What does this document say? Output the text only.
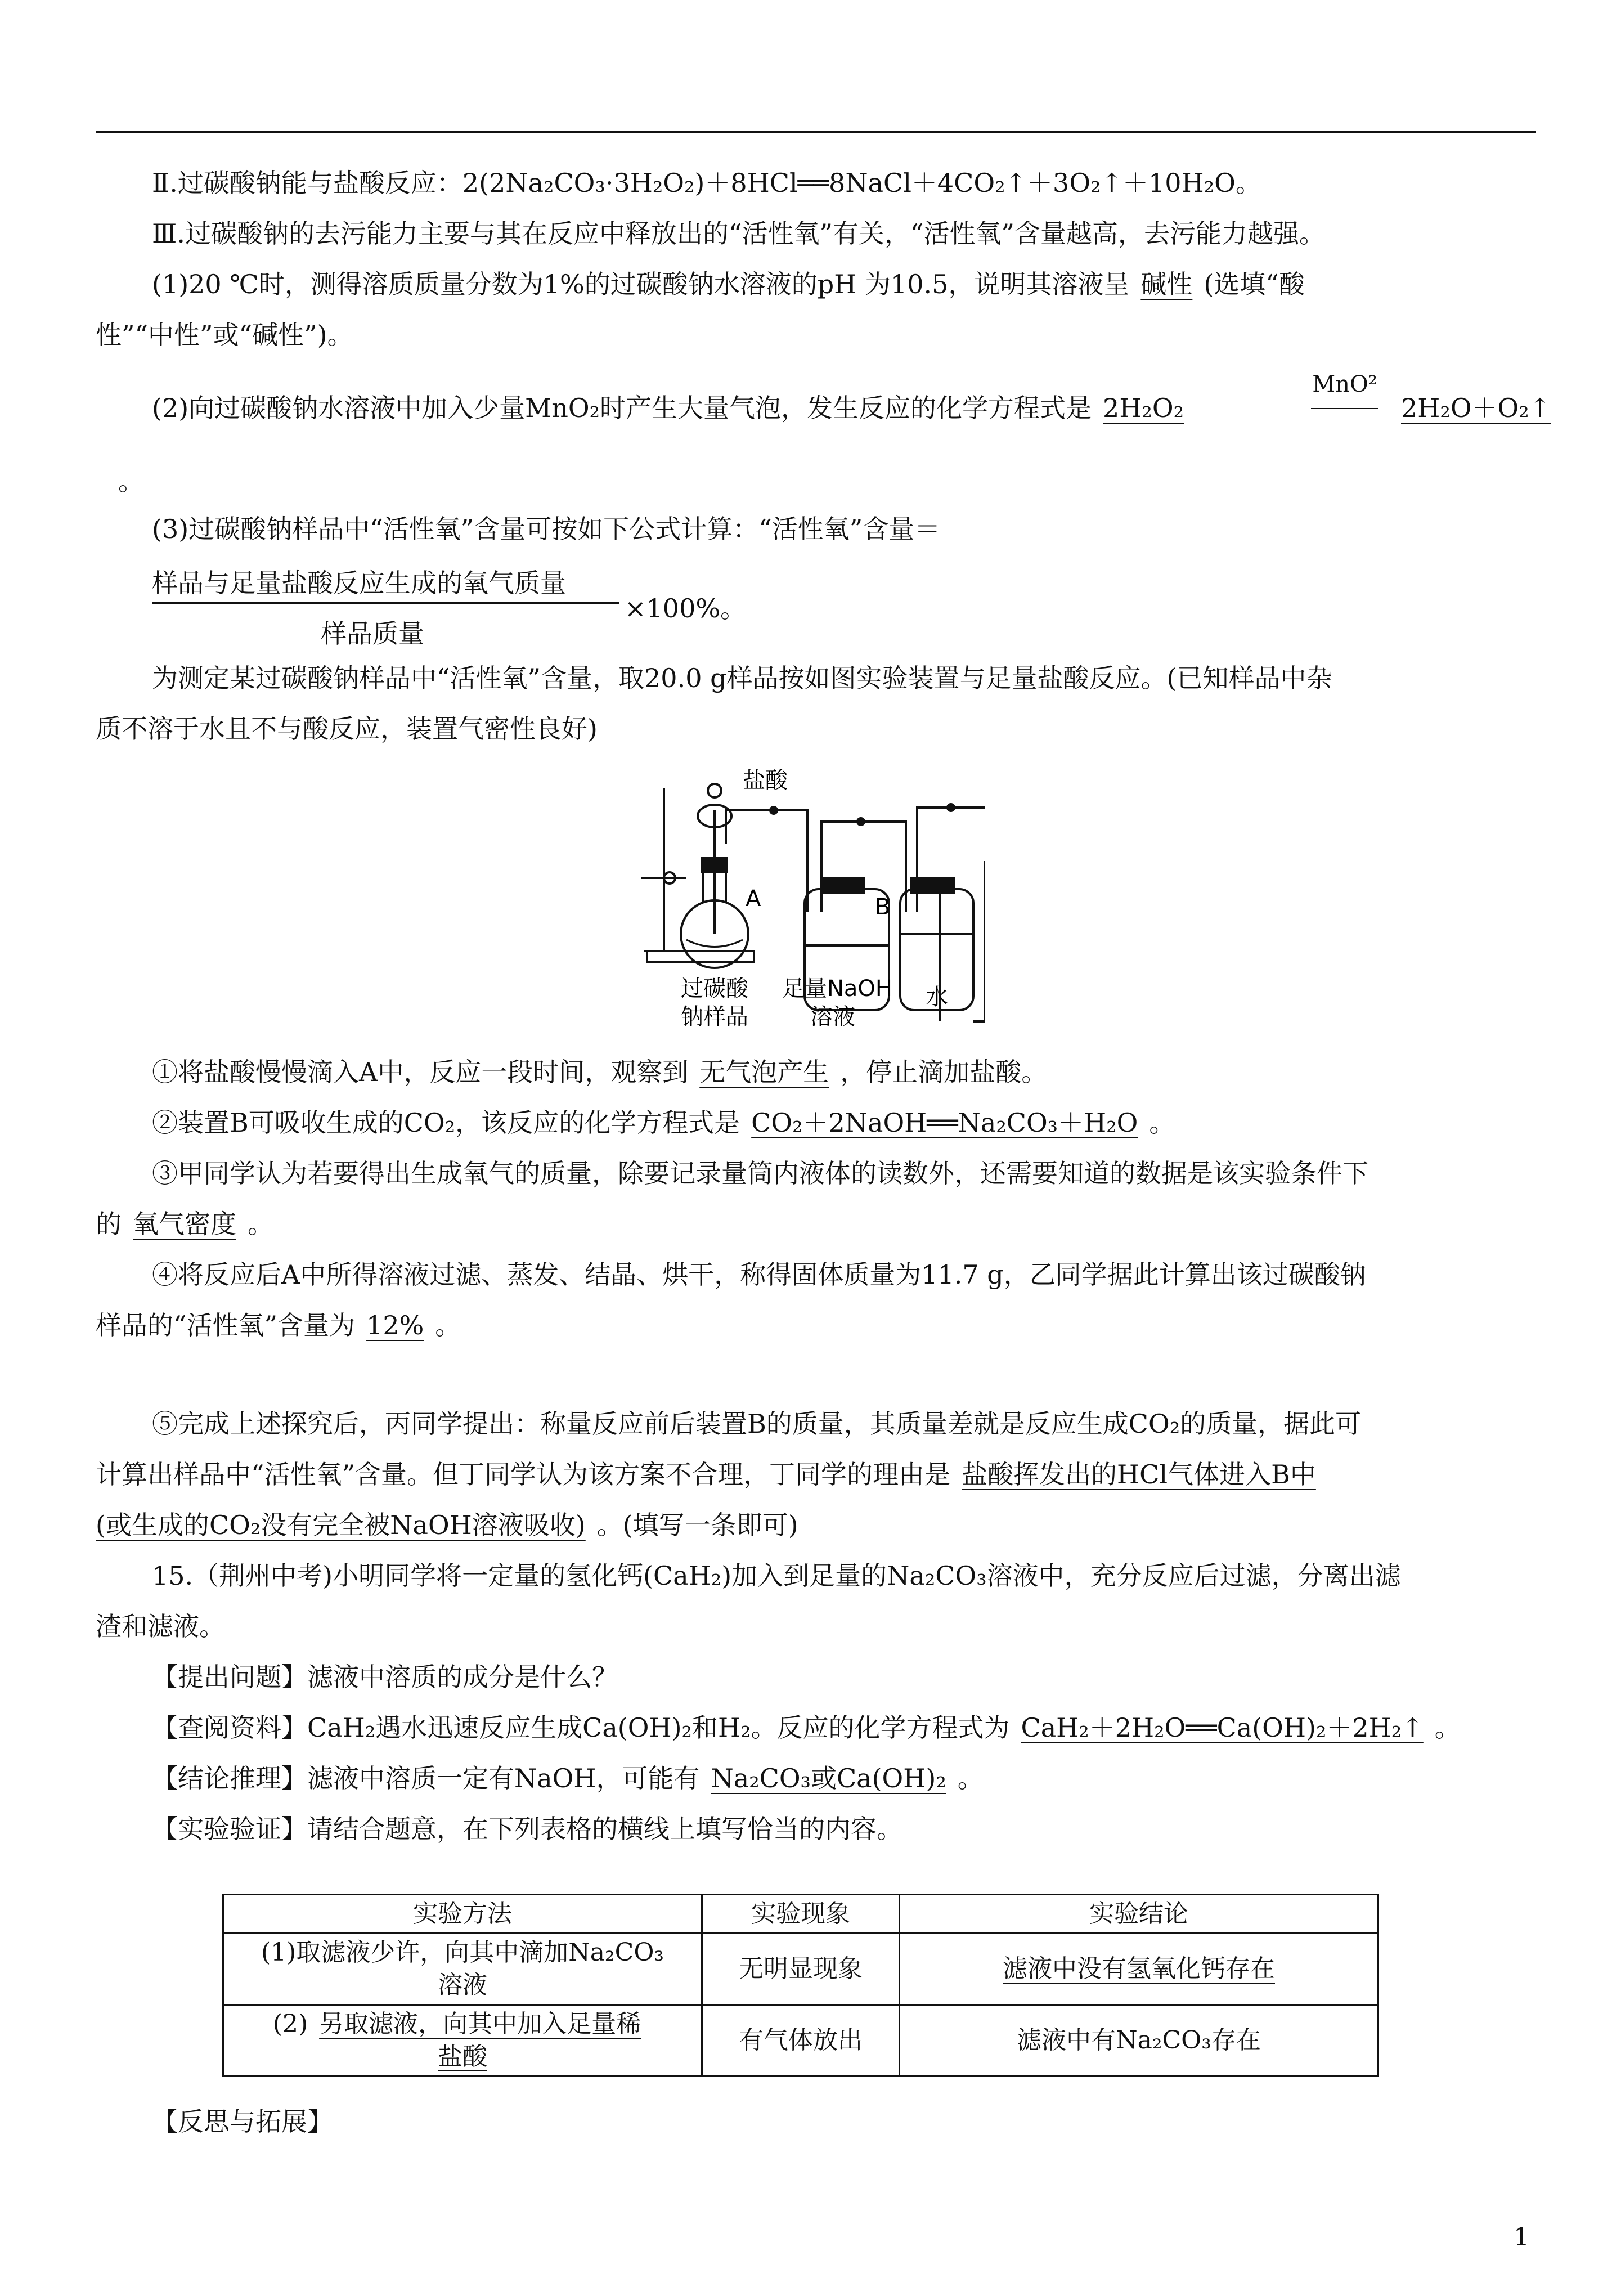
Ⅱ.过碳酸钠能与盐酸反应：2(2Na₂CO₃·3H₂O₂)＋8HCl══8NaCl＋4CO₂↑＋3O₂↑＋10H₂O。
Ⅲ.过碳酸钠的去污能力主要与其在反应中释放出的“活性氧”有关，“活性氧”含量越高，去污能力越强。
(1)20 ℃时，测得溶质质量分数为1%的过碳酸钠水溶液的pH 为10.5，说明其溶液呈 碱性 (选填“酸
性”“中性”或“碱性”)。
(2)向过碳酸钠水溶液中加入少量MnO₂时产生大量气泡，发生反应的化学方程式是 2H₂O₂
MnO²
2H₂O＋O₂↑
。
(3)过碳酸钠样品中“活性氧”含量可按如下公式计算：“活性氧”含量＝
样品与足量盐酸反应生成的氧气质量
样品质量
×100%。
为测定某过碳酸钠样品中“活性氧”含量，取20.0 g样品按如图实验装置与足量盐酸反应。(已知样品中杂
质不溶于水且不与酸反应，装置气密性良好)
盐酸
A	B
过碳酸
钠样品
足量NaOH
溶液
水
①将盐酸慢慢滴入A中，反应一段时间，观察到 无气泡产生 ，停止滴加盐酸。
②装置B可吸收生成的CO₂，该反应的化学方程式是 CO₂＋2NaOH══Na₂CO₃＋H₂O 。
③甲同学认为若要得出生成氧气的质量，除要记录量筒内液体的读数外，还需要知道的数据是该实验条件下
的 氧气密度 。
④将反应后A中所得溶液过滤、蒸发、结晶、烘干，称得固体质量为11.7 g，乙同学据此计算出该过碳酸钠
样品的“活性氧”含量为 12% 。
⑤完成上述探究后，丙同学提出：称量反应前后装置B的质量，其质量差就是反应生成CO₂的质量，据此可
计算出样品中“活性氧”含量。但丁同学认为该方案不合理，丁同学的理由是 盐酸挥发出的HCl气体进入B中
(或生成的CO₂没有完全被NaOH溶液吸收) 。(填写一条即可)
15.（荆州中考)小明同学将一定量的氢化钙(CaH₂)加入到足量的Na₂CO₃溶液中，充分反应后过滤，分离出滤
渣和滤液。
【提出问题】滤液中溶质的成分是什么？
【查阅资料】CaH₂遇水迅速反应生成Ca(OH)₂和H₂。反应的化学方程式为 CaH₂＋2H₂O══Ca(OH)₂＋2H₂↑ 。
【结论推理】滤液中溶质一定有NaOH，可能有 Na₂CO₃或Ca(OH)₂ 。
【实验验证】请结合题意，在下列表格的横线上填写恰当的内容。
实验方法	实验现象	实验结论

(1)取滤液少许，向其中滴加Na₂CO₃
溶液	无明显现象	滤液中没有氢氧化钙存在

(2) 另取滤液，向其中加入足量稀
盐酸	有气体放出	滤液中有Na₂CO₃存在
【反思与拓展】
1
